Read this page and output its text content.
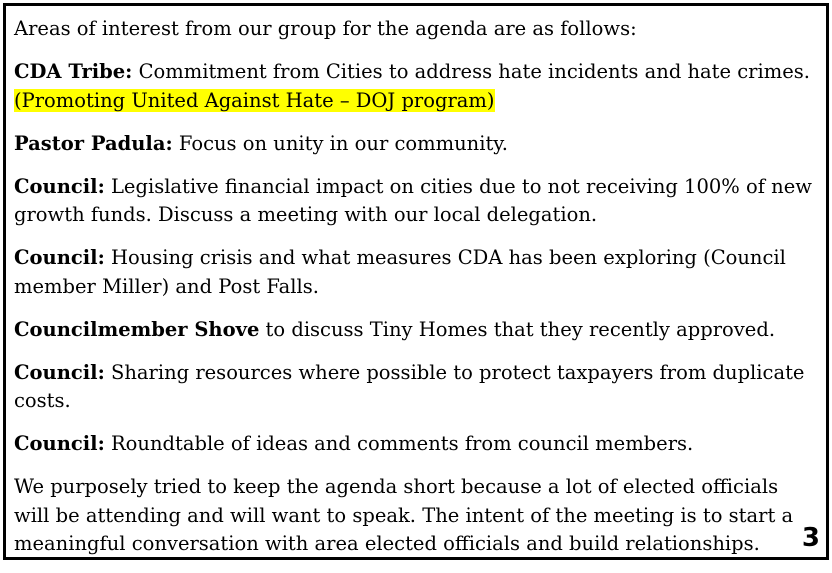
Areas of interest from our group for the agenda are as follows:

CDA Tribe: Commitment from Cities to address hate incidents and hate crimes. (Promoting United Against Hate – DOJ program)

Pastor Padula: Focus on unity in our community.

Council: Legislative financial impact on cities due to not receiving 100% of new growth funds. Discuss a meeting with our local delegation.

Council: Housing crisis and what measures CDA has been exploring (Council member Miller) and Post Falls.

Councilmember Shove to discuss Tiny Homes that they recently approved.

Council: Sharing resources where possible to protect taxpayers from duplicate costs.

Council: Roundtable of ideas and comments from council members.

We purposely tried to keep the agenda short because a lot of elected officials will be attending and will want to speak. The intent of the meeting is to start a meaningful conversation with area elected officials and build relationships.	3
